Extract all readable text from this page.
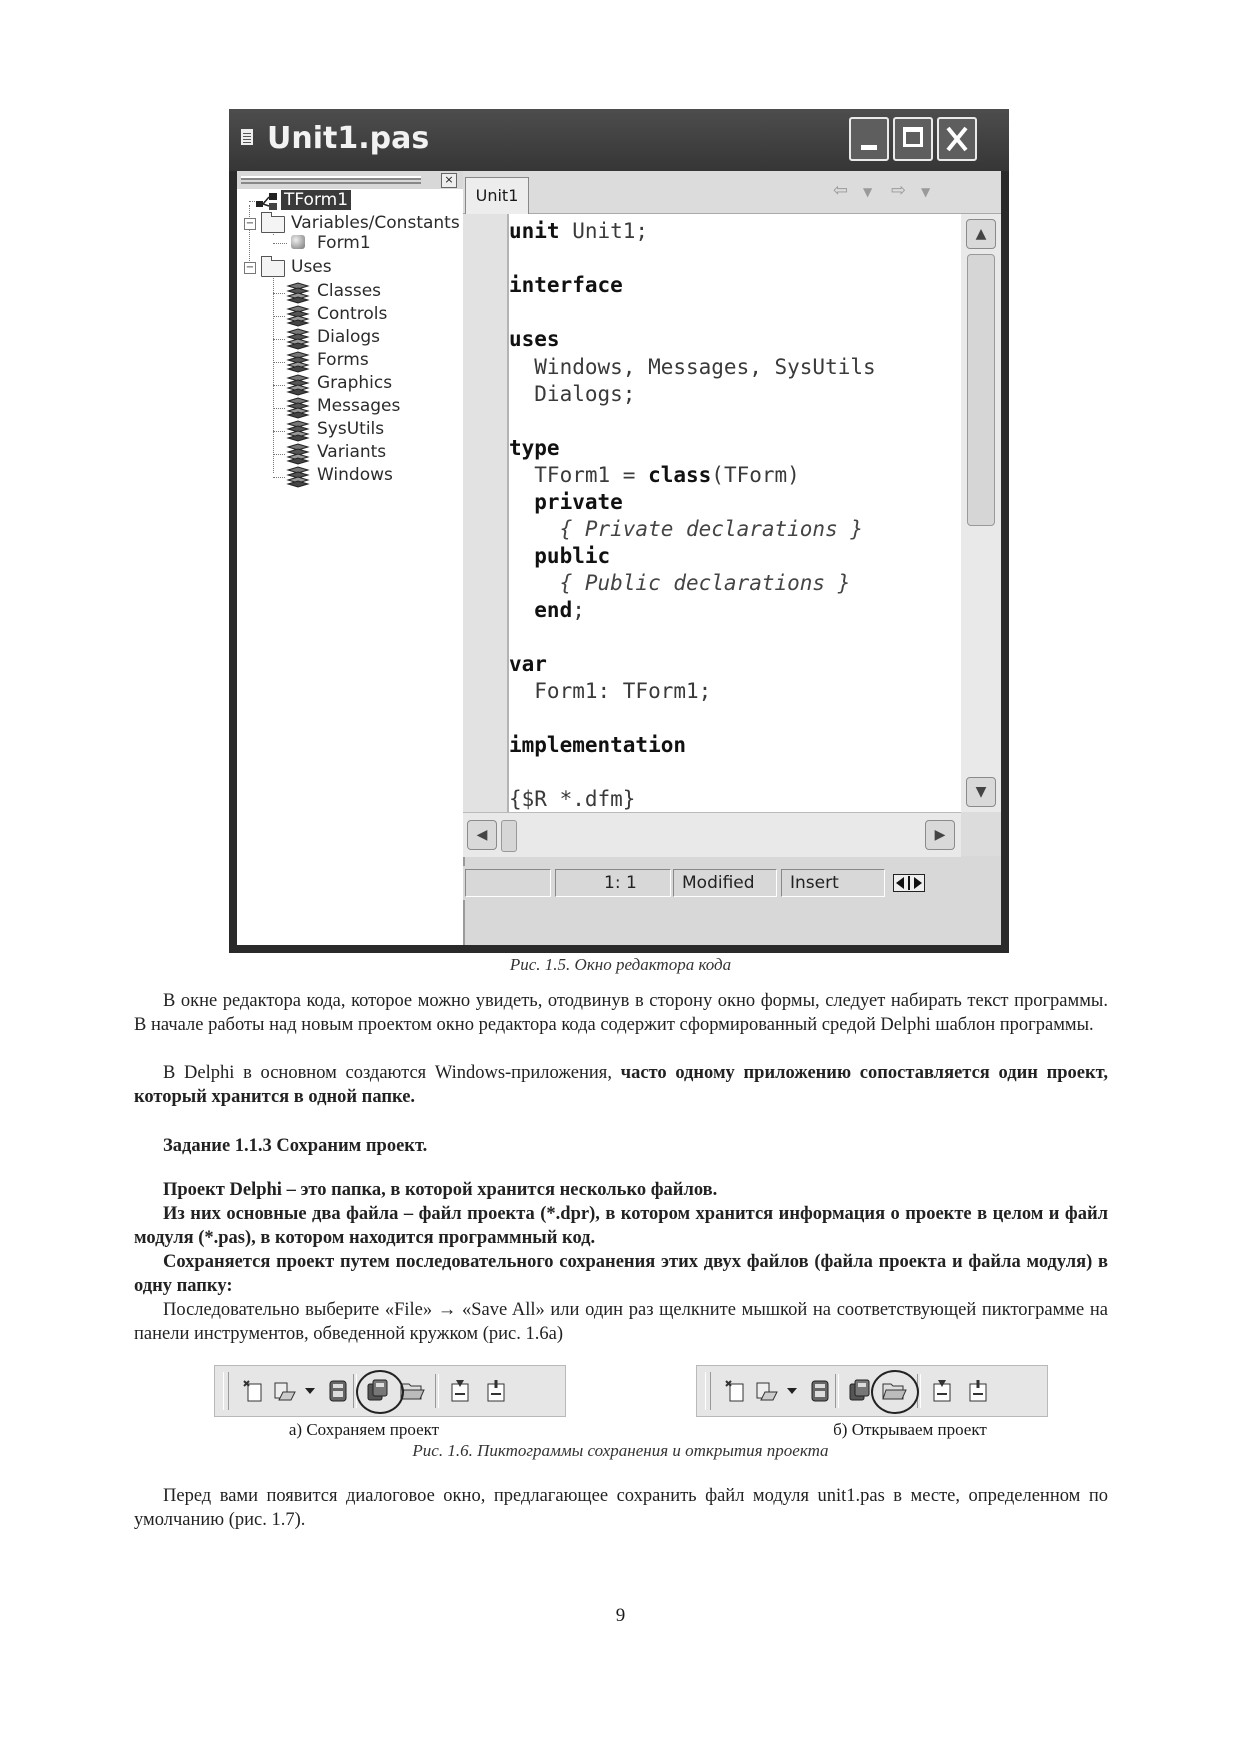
Unit1.pas
×
TForm1
− Variables/Constants
Form1
− Uses
Classes
Controls
Dialogs
Forms
Graphics
Messages
SysUtils
Variants
Windows
Unit1	⇦ ▼ ⇨ ▼
unit Unit1;
interface
uses
Windows, Messages, SysUtils
Dialogs;
type
TForm1 = class(TForm)
private
{ Private declarations }
public
{ Public declarations }
end;
var
Form1: TForm1;
implementation
{$R *.dfm}
▲
▼
◀	▶
1: 1	Modified	Insert
Рис. 1.5. Окно редактора кода
В окне редактора кода, которое можно увидеть, отодвинув в сторону окно формы, следует набирать текст программы. В начале работы над новым проектом окно редактора кода содержит сформированный средой Delphi шаблон программы.
В Delphi в основном создаются Windows-приложения, часто одному приложению сопоставляется один проект, который хранится в одной папке.
Задание 1.1.3 Сохраним проект.
Проект Delphi – это папка, в которой хранится несколько файлов.
Из них основные два файла – файл проекта (*.dpr), в котором хранится информация о проекте в целом и файл модуля (*.pas), в котором находится программный код.
Сохраняется проект путем последовательного сохранения этих двух файлов (файла проекта и файла модуля) в одну папку:
Последовательно выберите «File» → «Save All» или один раз щелкните мышкой на соответствующей пиктограмме на панели инструментов, обведенной кружком (рис. 1.6а)
а) Сохраняем проект	б) Открываем проект
Рис. 1.6. Пиктограммы сохранения и открытия проекта
Перед вами появится диалоговое окно, предлагающее сохранить файл модуля unit1.pas в месте, определенном по умолчанию (рис. 1.7).
9
